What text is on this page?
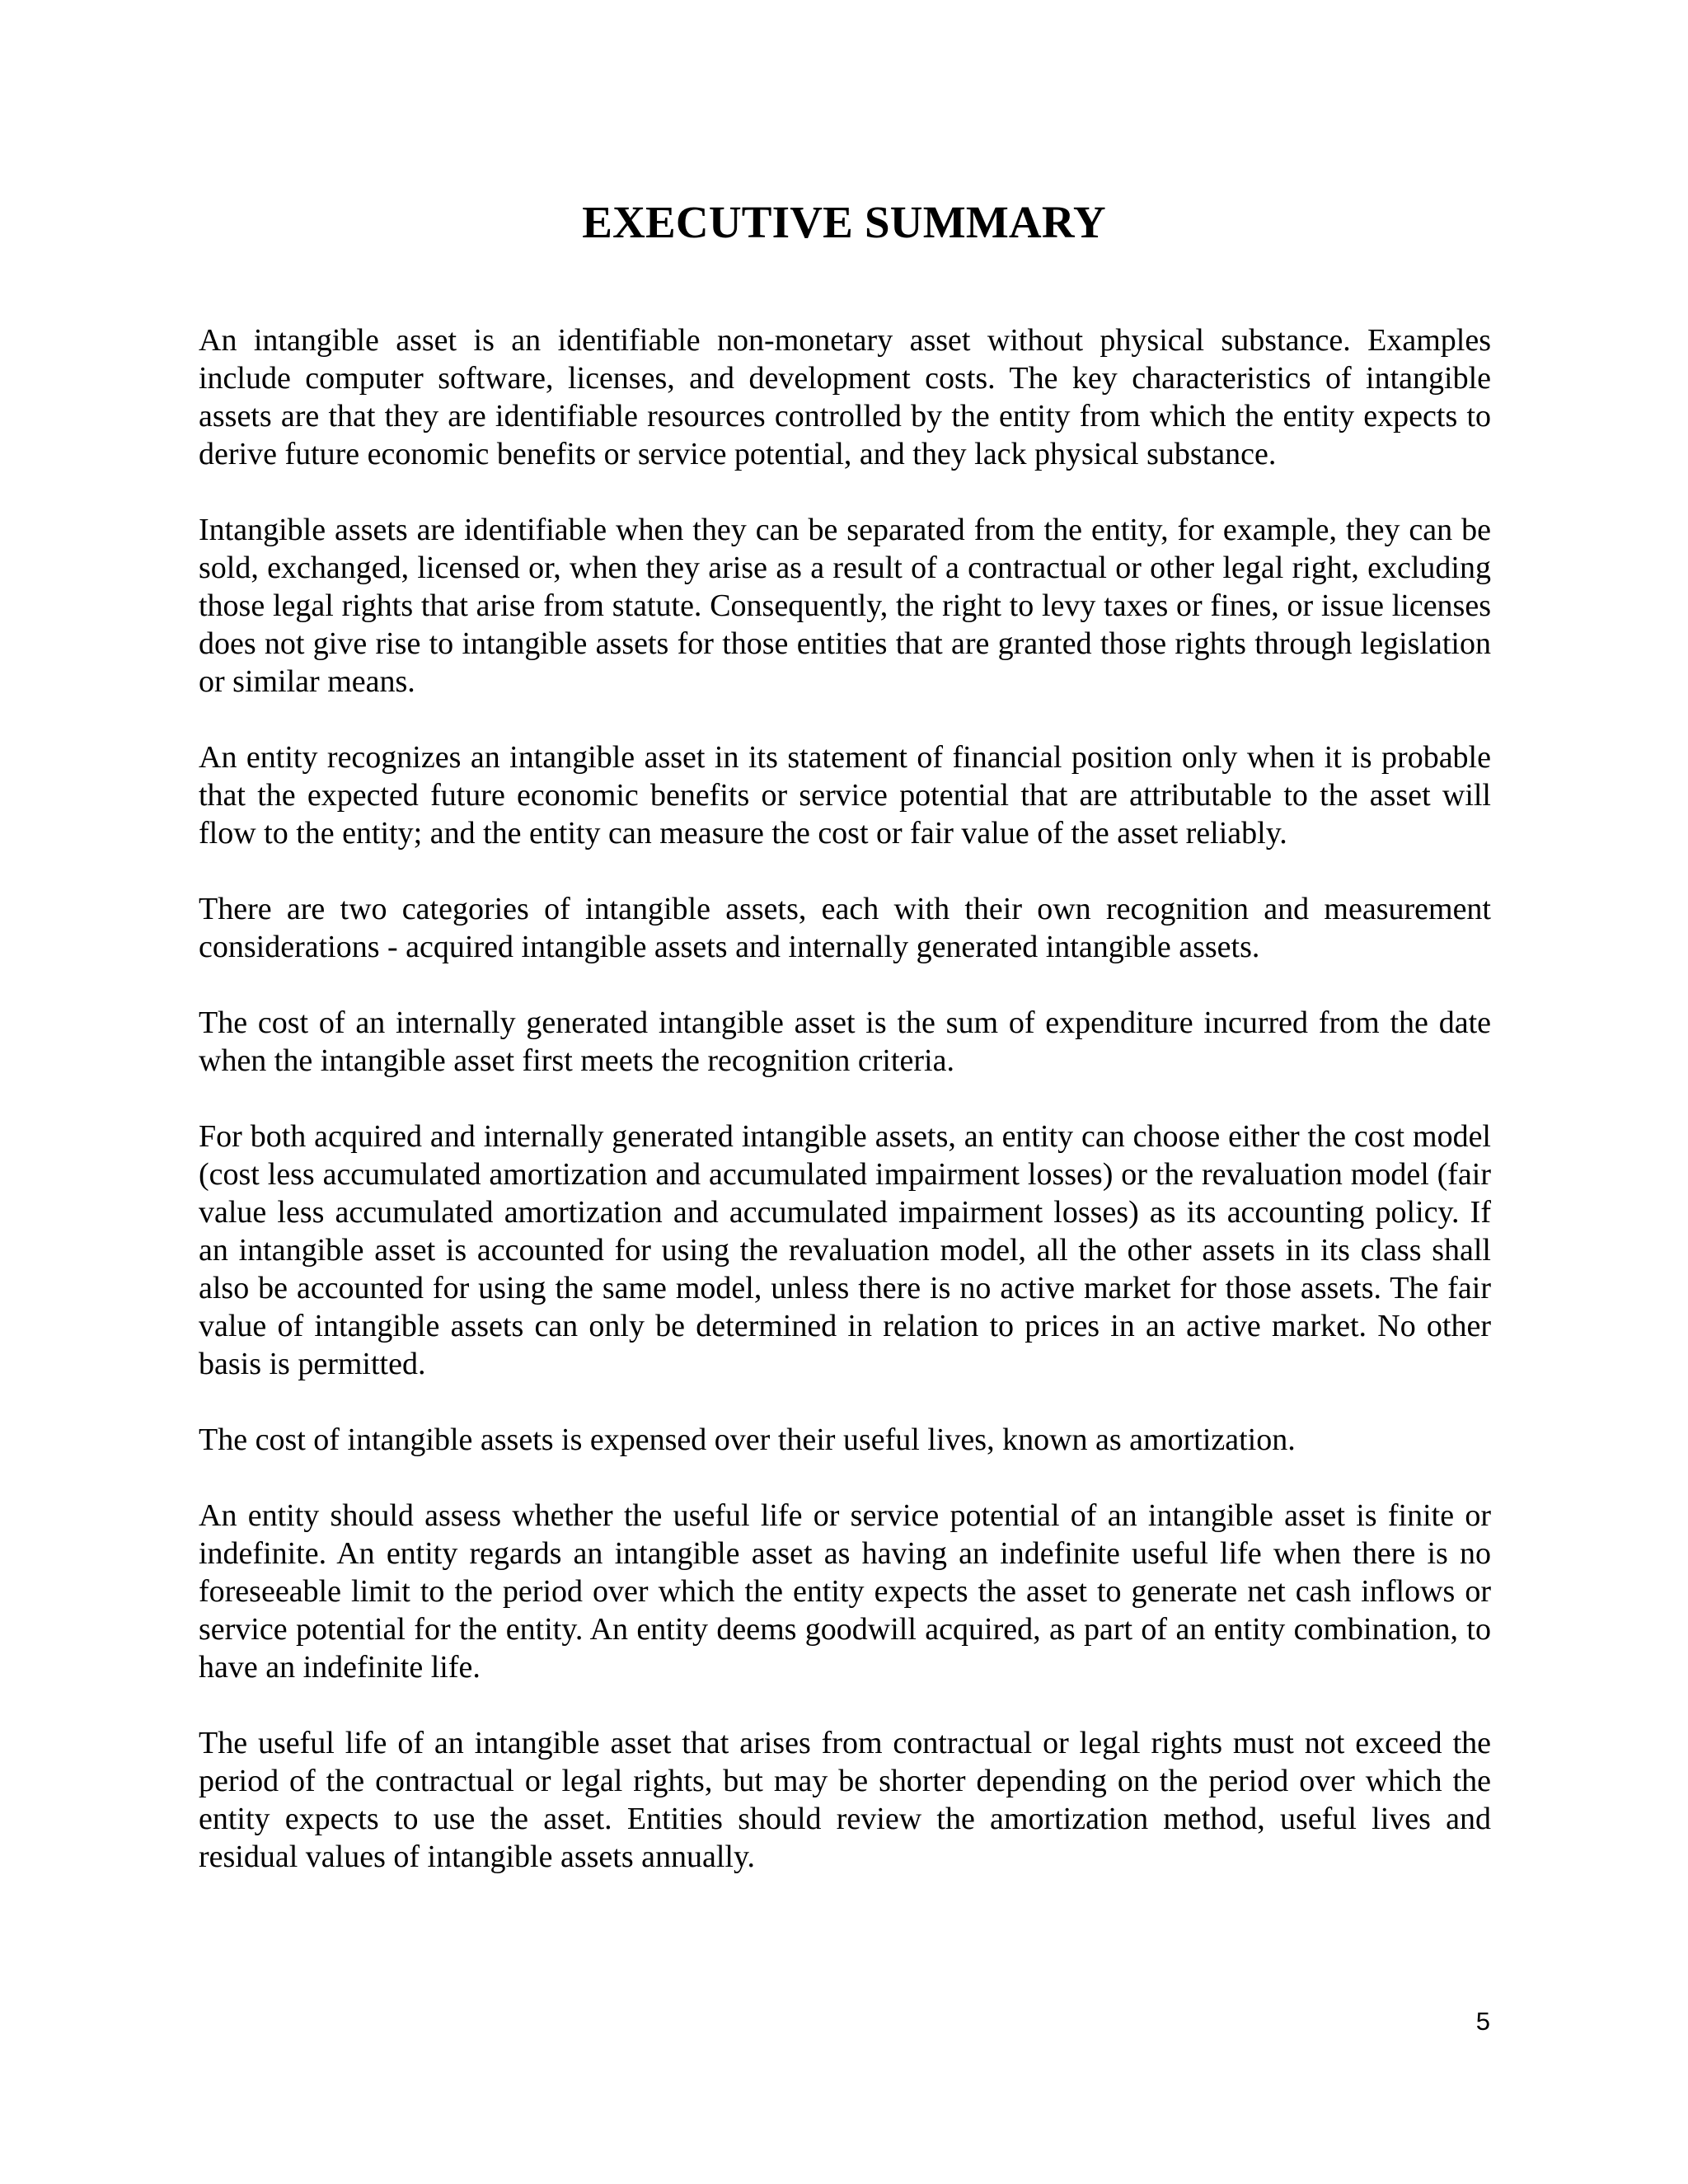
EXECUTIVE SUMMARY

An intangible asset is an identifiable non-monetary asset without physical substance. Examples include computer software, licenses, and development costs. The key characteristics of intangible assets are that they are identifiable resources controlled by the entity from which the entity expects to derive future economic benefits or service potential, and they lack physical substance.

Intangible assets are identifiable when they can be separated from the entity, for example, they can be sold, exchanged, licensed or, when they arise as a result of a contractual or other legal right, excluding those legal rights that arise from statute. Consequently, the right to levy taxes or fines, or issue licenses does not give rise to intangible assets for those entities that are granted those rights through legislation or similar means.

An entity recognizes an intangible asset in its statement of financial position only when it is probable that the expected future economic benefits or service potential that are attributable to the asset will flow to the entity; and the entity can measure the cost or fair value of the asset reliably.

There are two categories of intangible assets, each with their own recognition and measurement considerations - acquired intangible assets and internally generated intangible assets.

The cost of an internally generated intangible asset is the sum of expenditure incurred from the date when the intangible asset first meets the recognition criteria.

For both acquired and internally generated intangible assets, an entity can choose either the cost model (cost less accumulated amortization and accumulated impairment losses) or the revaluation model (fair value less accumulated amortization and accumulated impairment losses) as its accounting policy. If an intangible asset is accounted for using the revaluation model, all the other assets in its class shall also be accounted for using the same model, unless there is no active market for those assets. The fair value of intangible assets can only be determined in relation to prices in an active market. No other basis is permitted.

The cost of intangible assets is expensed over their useful lives, known as amortization.

An entity should assess whether the useful life or service potential of an intangible asset is finite or indefinite. An entity regards an intangible asset as having an indefinite useful life when there is no foreseeable limit to the period over which the entity expects the asset to generate net cash inflows or service potential for the entity. An entity deems goodwill acquired, as part of an entity combination, to have an indefinite life.

The useful life of an intangible asset that arises from contractual or legal rights must not exceed the period of the contractual or legal rights, but may be shorter depending on the period over which the entity expects to use the asset. Entities should review the amortization method, useful lives and residual values of intangible assets annually.

5
